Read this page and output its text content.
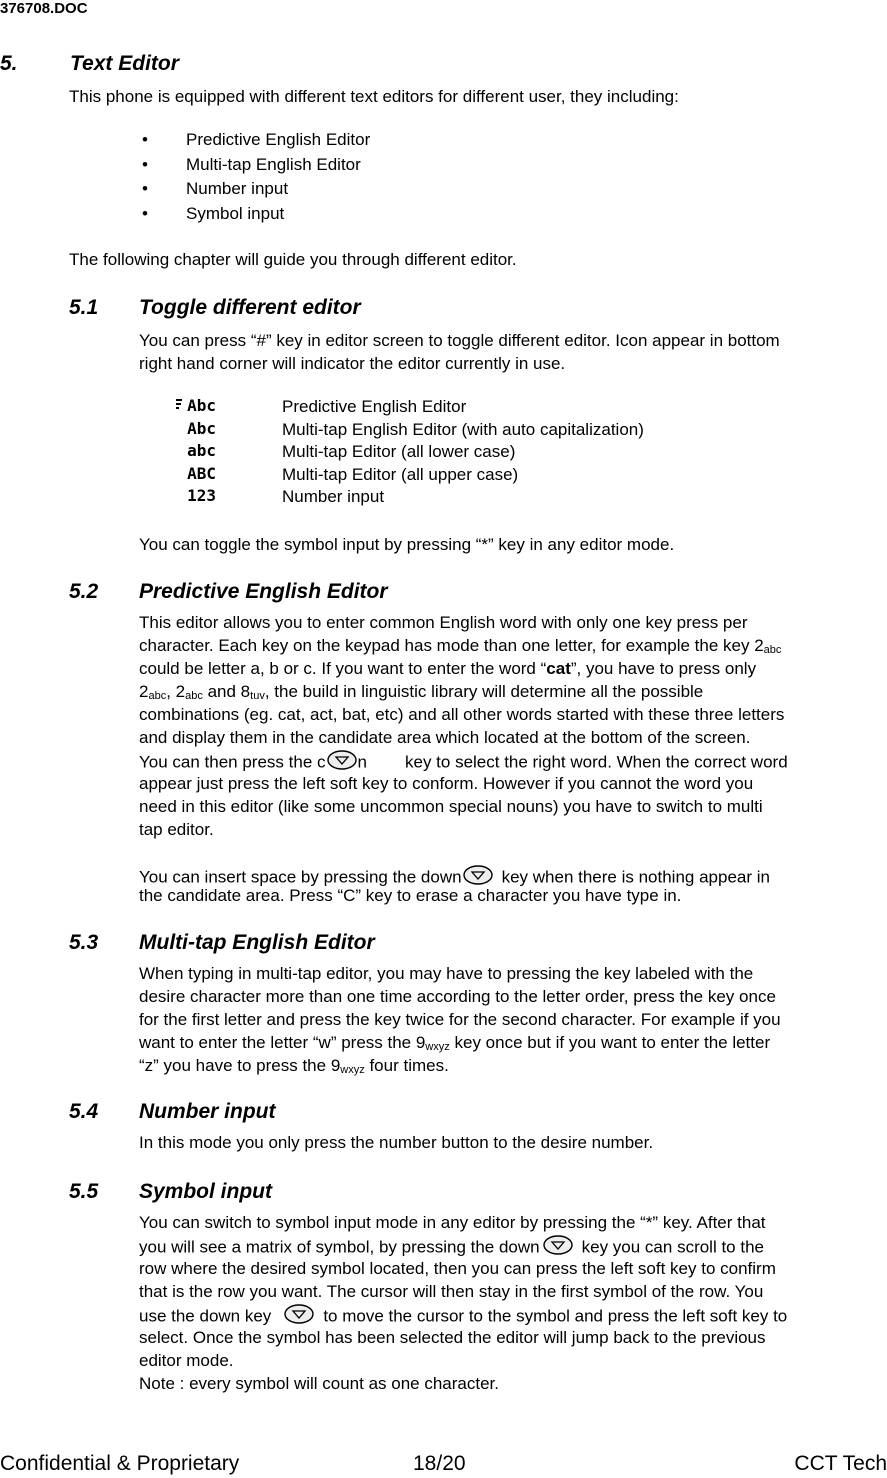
376708.DOC
5. Text Editor
This phone is equipped with different text editors for different user, they including:
• Predictive English Editor
• Multi-tap English Editor
• Number input
• Symbol input
The following chapter will guide you through different editor.
5.1 Toggle different editor
You can press “#” key in editor screen to toggle different editor. Icon appear in bottom
right hand corner will indicator the editor currently in use.
Abc	Predictive English Editor
Abc	Multi-tap English Editor (with auto capitalization)
abc	Multi-tap Editor (all lower case)
ABC	Multi-tap Editor (all upper case)
123	Number input
You can toggle the symbol input by pressing “*” key in any editor mode.
5.2 Predictive English Editor
This editor allows you to enter common English word with only one key press per
character. Each key on the keypad has mode than one letter, for example the key $2_{abc}$
could be letter a, b or c. If you want to enter the word “cat”, you have to press only
$2_{abc}$, $2_{abc}$ and $8_{tuv}$, the build in linguistic library will determine all the possible
combinations (eg. cat, act, bat, etc) and all other words started with these three letters
and display them in the candidate area which located at the bottom of the screen.
You can then press the c n key to select the right word. When the correct word
appear just press the left soft key to conform. However if you cannot the word you
need in this editor (like some uncommon special nouns) you have to switch to multi
tap editor.
You can insert space by pressing the down key when there is nothing appear in
the candidate area. Press “C” key to erase a character you have type in.
5.3 Multi-tap English Editor
When typing in multi-tap editor, you may have to pressing the key labeled with the
desire character more than one time according to the letter order, press the key once
for the first letter and press the key twice for the second character. For example if you
want to enter the letter “w” press the $9_{wxyz}$ key once but if you want to enter the letter
“z” you have to press the $9_{wxyz}$ four times.
5.4 Number input
In this mode you only press the number button to the desire number.
5.5 Symbol input
You can switch to symbol input mode in any editor by pressing the “*” key. After that
you will see a matrix of symbol, by pressing the down key you can scroll to the
row where the desired symbol located, then you can press the left soft key to confirm
that is the row you want. The cursor will then stay in the first symbol of the row. You
use the down key	to move the cursor to the symbol and press the left soft key to
select. Once the symbol has been selected the editor will jump back to the previous
editor mode.
Note : every symbol will count as one character.
Confidential & Proprietary	18/20	CCT Tech
